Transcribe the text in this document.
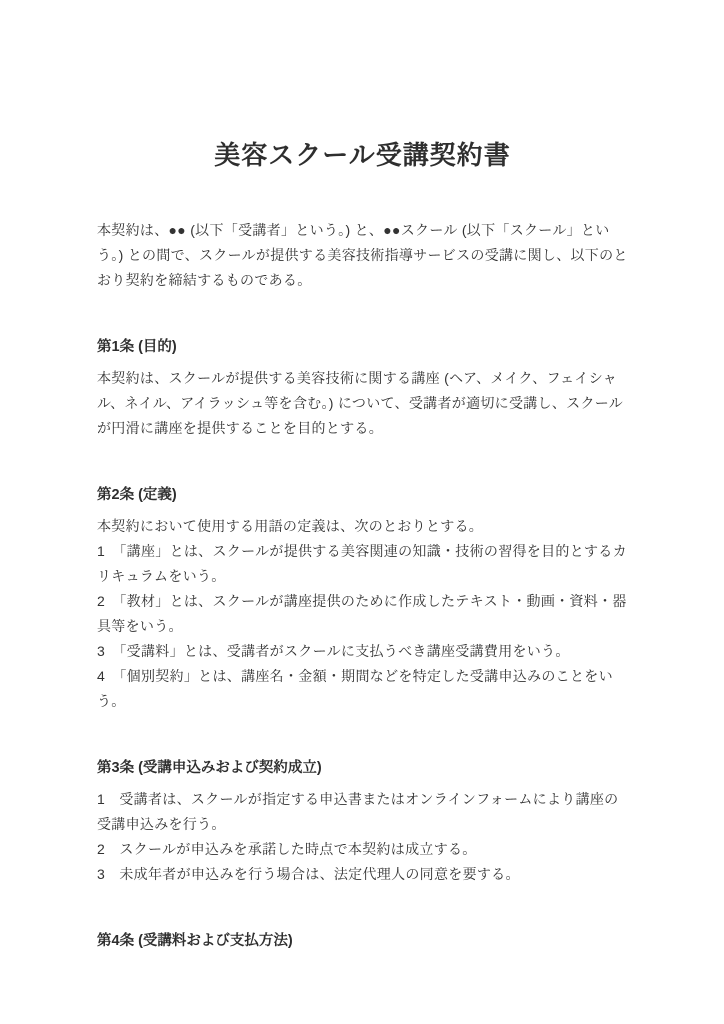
美容スクール受講契約書

本契約は、●● (以下「受講者」という。) と、●●スクール (以下「スクール」という。) との間で、スクールが提供する美容技術指導サービスの受講に関し、以下のとおり契約を締結するものである。

第1条 (目的)

本契約は、スクールが提供する美容技術に関する講座 (ヘア、メイク、フェイシャル、ネイル、アイラッシュ等を含む。) について、受講者が適切に受講し、スクールが円滑に講座を提供することを目的とする。

第2条 (定義)

本契約において使用する用語の定義は、次のとおりとする。

1　「講座」とは、スクールが提供する美容関連の知識・技術の習得を目的とするカリキュラムをいう。

2　「教材」とは、スクールが講座提供のために作成したテキスト・動画・資料・器具等をいう。

3　「受講料」とは、受講者がスクールに支払うべき講座受講費用をいう。

4　「個別契約」とは、講座名・金額・期間などを特定した受講申込みのことをいう。

第3条 (受講申込みおよび契約成立)

1　受講者は、スクールが指定する申込書またはオンラインフォームにより講座の受講申込みを行う。

2　スクールが申込みを承諾した時点で本契約は成立する。

3　未成年者が申込みを行う場合は、法定代理人の同意を要する。

第4条 (受講料および支払方法)
